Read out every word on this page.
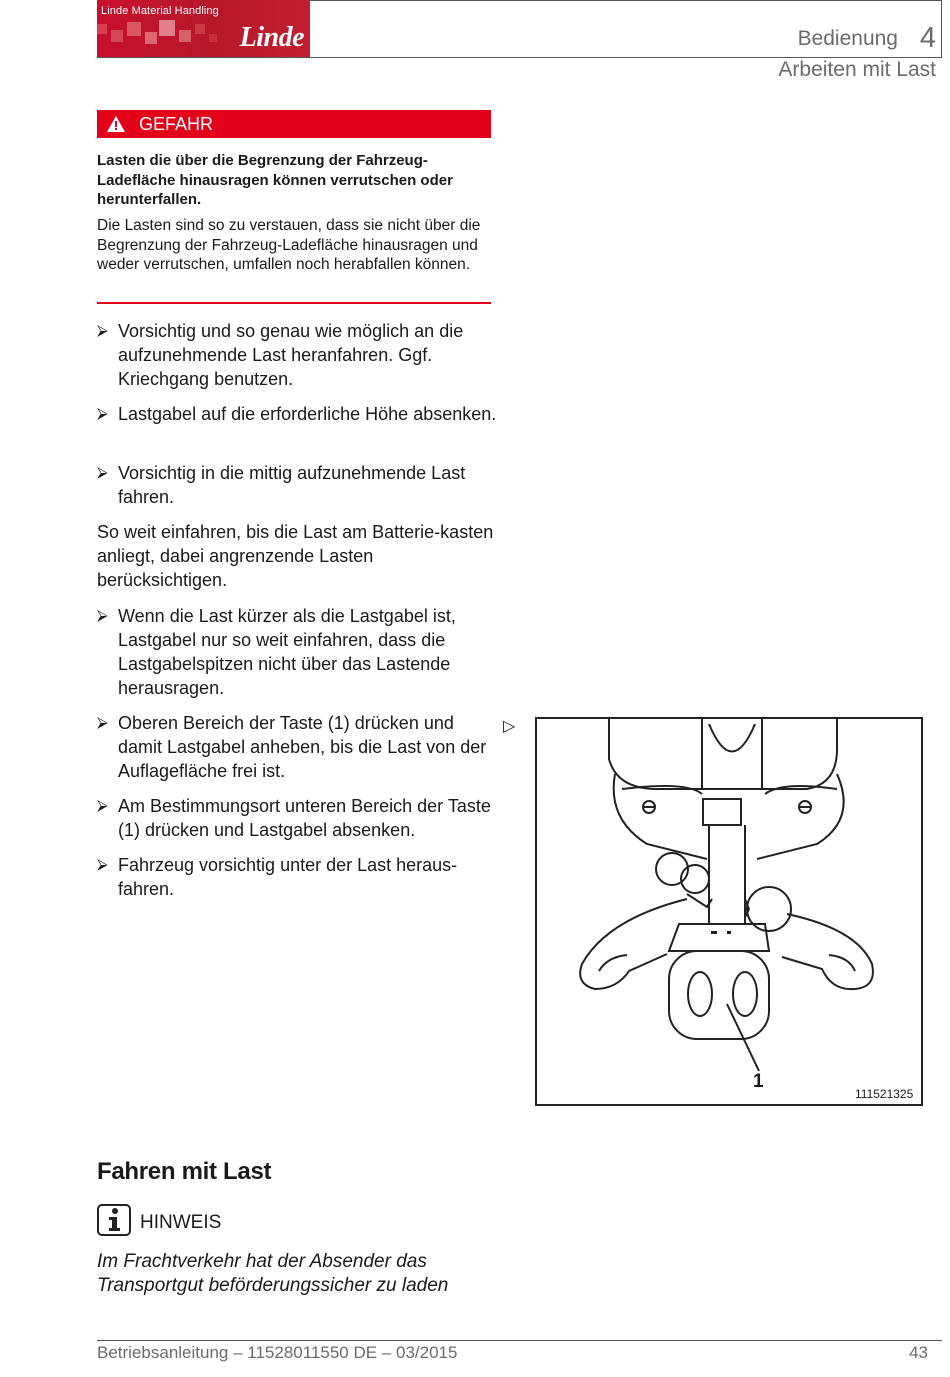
Linde Material Handling
Linde	Bedienung 4
Arbeiten mit Last
GEFAHR
Lasten die über die Begrenzung der Fahrzeug-Ladefläche hinausragen können verrutschen oder herunterfallen.
Die Lasten sind so zu verstauen, dass sie nicht über die Begrenzung der Fahrzeug-Ladefläche hinausragen und weder verrutschen, umfallen noch herabfallen können.
⮚ Vorsichtig und so genau wie möglich an die aufzunehmende Last heranfahren. Ggf. Kriechgang benutzen.
⮚ Lastgabel auf die erforderliche Höhe absenken.
⮚ Vorsichtig in die mittig aufzunehmende Last fahren.
So weit einfahren, bis die Last am Batterie-kasten anliegt, dabei angrenzende Lasten berücksichtigen.
⮚ Wenn die Last kürzer als die Lastgabel ist, Lastgabel nur so weit einfahren, dass die Lastgabelspitzen nicht über das Lastende herausragen.
⮚ Oberen Bereich der Taste (1) drücken und damit Lastgabel anheben, bis die Last von der Auflagefläche frei ist.
⮚ Am Bestimmungsort unteren Bereich der Taste (1) drücken und Lastgabel absenken.
⮚ Fahrzeug vorsichtig unter der Last heraus-fahren.
▷
1
111521325
Fahren mit Last
HINWEIS
Im Frachtverkehr hat der Absender das Transportgut beförderungssicher zu laden
Betriebsanleitung – 11528011550 DE – 03/2015	43
